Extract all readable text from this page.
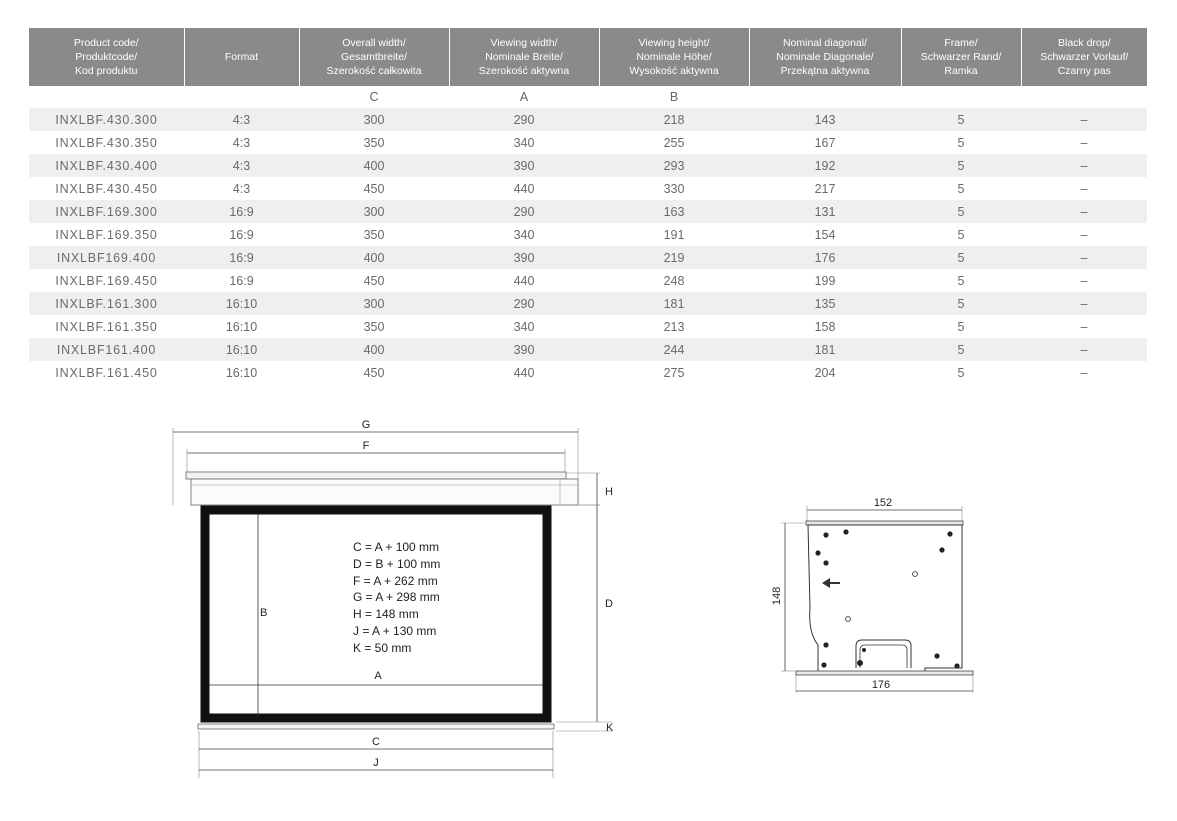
Product code/
Produktcode/
Kod produktu	Format	Overall width/
Gesamtbreite/
Szerokość całkowita	Viewing width/
Nominale Breite/
Szerokość aktywna	Viewing height/
Nominale Höhe/
Wysokość aktywna	Nominal diagonal/
Nominale Diagonale/
Przekątna aktywna	Frame/
Schwarzer Rand/
Ramka	Black drop/
Schwarzer Vorlauf/
Czarny pas

		C	A	B			
INXLBF.430.300	4:3	300	290	218	143	5	–
INXLBF.430.350	4:3	350	340	255	167	5	–
INXLBF.430.400	4:3	400	390	293	192	5	–
INXLBF.430.450	4:3	450	440	330	217	5	–
INXLBF.169.300	16:9	300	290	163	131	5	–
INXLBF.169.350	16:9	350	340	191	154	5	–
INXLBF169.400	16:9	400	390	219	176	5	–
INXLBF.169.450	16:9	450	440	248	199	5	–
INXLBF.161.300	16:10	300	290	181	135	5	–
INXLBF.161.350	16:10	350	340	213	158	5	–
INXLBF161.400	16:10	400	390	244	181	5	–
INXLBF.161.450	16:10	450	440	275	204	5	–
G
F
H
B
A
C = A + 100 mm
D = B + 100 mm
F = A + 262 mm
G = A + 298 mm
H = 148 mm
J = A + 130 mm
K = 50 mm
D
K
C
J
152
176
148
